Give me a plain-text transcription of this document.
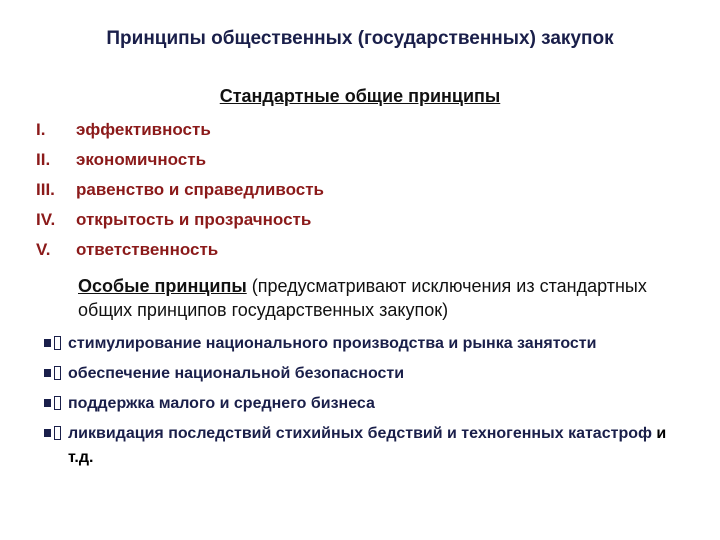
Принципы общественных (государственных) закупок
Стандартные общие принципы
I. эффективность
II. экономичность
III. равенство и справедливость
IV. открытость и прозрачность
V. ответственность
Особые принципы (предусматривают исключения из стандартных общих принципов государственных закупок)
стимулирование национального производства и рынка занятости
обеспечение национальной безопасности
поддержка малого и среднего бизнеса
ликвидация последствий стихийных бедствий и техногенных катастроф и т.д.
